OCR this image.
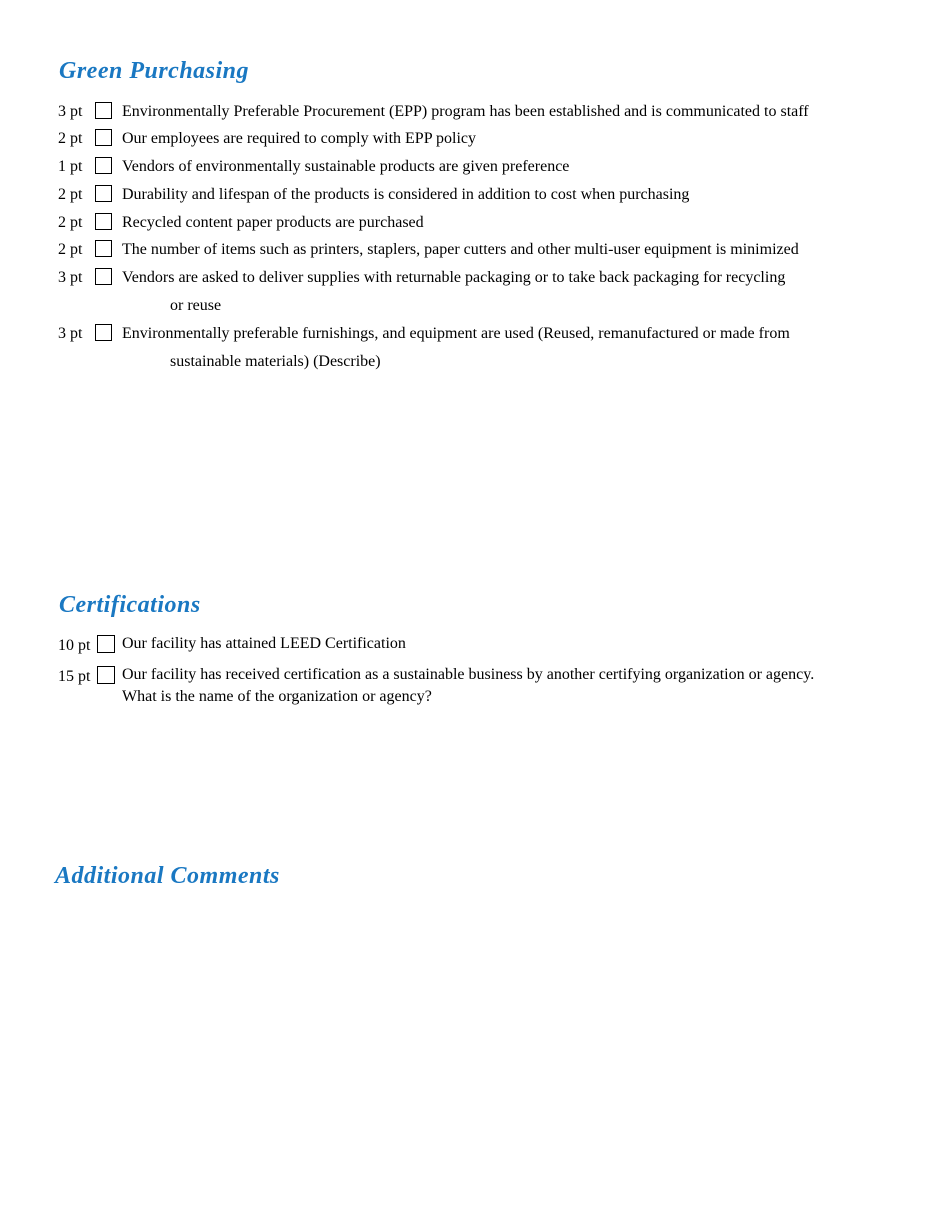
Green Purchasing
3 pt	Environmentally Preferable Procurement (EPP) program has been established and is communicated to staff
2 pt	Our employees are required to comply with EPP policy
1 pt	Vendors of environmentally sustainable products are given preference
2 pt	Durability and lifespan of the products is considered in addition to cost when purchasing
2 pt	Recycled content paper products are purchased
2 pt	The number of items such as printers, staplers, paper cutters and other multi-user equipment is minimized
3 pt	Vendors are asked to deliver supplies with returnable packaging or to take back packaging for recycling
or reuse
3 pt	Environmentally preferable furnishings, and equipment are used (Reused, remanufactured or made from
sustainable materials) (Describe)
Certifications
10 pt	Our facility has attained LEED Certification
15 pt	Our facility has received certification as a sustainable business by another certifying organization or agency.
What is the name of the organization or agency?
Additional Comments
